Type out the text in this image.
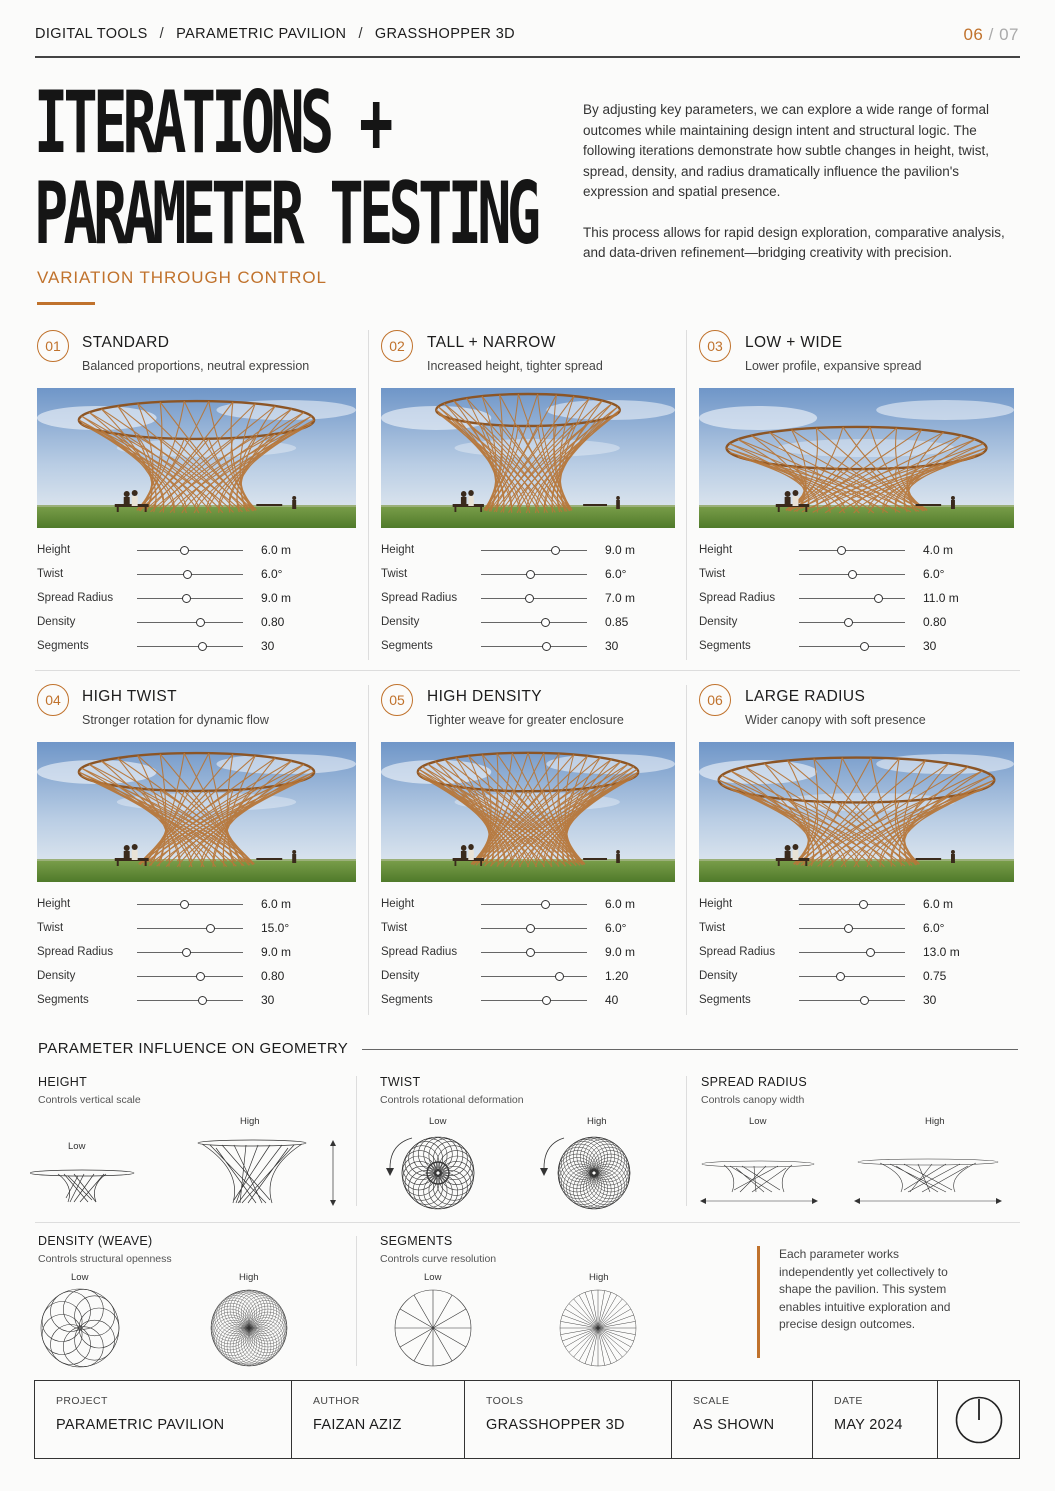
DIGITAL TOOLS / PARAMETRIC PAVILION / GRASSHOPPER 3D	06 / 07
ITERATIONS +
PARAMETER TESTING
VARIATION THROUGH CONTROL

By adjusting key parameters, we can explore a wide range of formal outcomes while maintaining design intent and structural logic. The following iterations demonstrate how subtle changes in height, twist, spread, density, and radius dramatically influence the pavilion's expression and spatial presence.

This process allows for rapid design exploration, comparative analysis, and data-driven refinement—bridging creativity with precision.

01	STANDARD
Balanced proportions, neutral expression
Height	6.0 m
Twist	6.0°
Spread Radius	9.0 m
Density	0.80
Segments	30
02	TALL + NARROW
Increased height, tighter spread
Height	9.0 m
Twist	6.0°
Spread Radius	7.0 m
Density	0.85
Segments	30
03	LOW + WIDE
Lower profile, expansive spread
Height	4.0 m
Twist	6.0°
Spread Radius	11.0 m
Density	0.80
Segments	30
04	HIGH TWIST
Stronger rotation for dynamic flow
Height	6.0 m
Twist	15.0°
Spread Radius	9.0 m
Density	0.80
Segments	30
05	HIGH DENSITY
Tighter weave for greater enclosure
Height	6.0 m
Twist	6.0°
Spread Radius	9.0 m
Density	1.20
Segments	40
06	LARGE RADIUS
Wider canopy with soft presence
Height	6.0 m
Twist	6.0°
Spread Radius	13.0 m
Density	0.75
Segments	30
PARAMETER INFLUENCE ON GEOMETRY
HEIGHT
Controls vertical scale
Low
High
TWIST
Controls rotational deformation
Low	High
SPREAD RADIUS
Controls canopy width
Low	High
DENSITY (WEAVE)
Controls structural openness
Low	High
SEGMENTS
Controls curve resolution
Low	High
Each parameter works independently yet collectively to shape the pavilion. This system enables intuitive exploration and precise design outcomes.
PROJECT
PARAMETRIC PAVILION
AUTHOR
FAIZAN AZIZ
TOOLS
GRASSHOPPER 3D
SCALE
AS SHOWN
DATE
MAY 2024
